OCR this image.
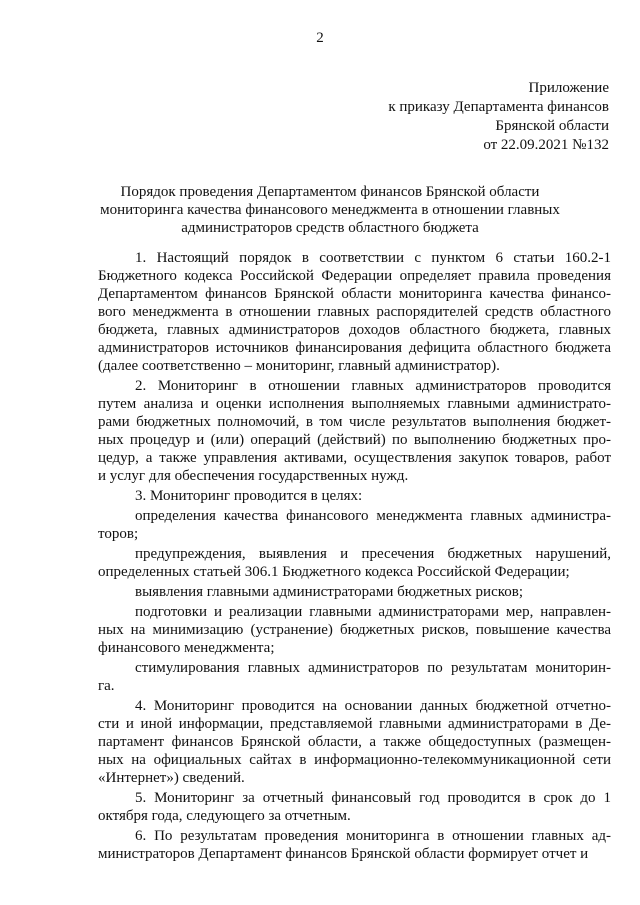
2
Приложение
к приказу Департамента финансов
Брянской области
от 22.09.2021 №132
Порядок проведения Департаментом финансов Брянской области
мониторинга качества финансового менеджмента в отношении главных
администраторов средств областного бюджета
1. Настоящий порядок в соответствии с пунктом 6 статьи 160.2-1
Бюджетного кодекса Российской Федерации определяет правила проведения
Департаментом финансов Брянской области мониторинга качества финансо-
вого менеджмента в отношении главных распорядителей средств областного
бюджета, главных администраторов доходов областного бюджета, главных
администраторов источников финансирования дефицита областного бюджета
(далее соответственно – мониторинг, главный администратор).
2. Мониторинг в отношении главных администраторов проводится
путем анализа и оценки исполнения выполняемых главными администрато-
рами бюджетных полномочий, в том числе результатов выполнения бюджет-
ных процедур и (или) операций (действий) по выполнению бюджетных про-
цедур, а также управления активами, осуществления закупок товаров, работ
и услуг для обеспечения государственных нужд.
3. Мониторинг проводится в целях:
определения качества финансового менеджмента главных администра-
торов;
предупреждения, выявления и пресечения бюджетных нарушений,
определенных статьей 306.1 Бюджетного кодекса Российской Федерации;
выявления главными администраторами бюджетных рисков;
подготовки и реализации главными администраторами мер, направлен-
ных на минимизацию (устранение) бюджетных рисков, повышение качества
финансового менеджмента;
стимулирования главных администраторов по результатам мониторин-
га.
4. Мониторинг проводится на основании данных бюджетной отчетно-
сти и иной информации, представляемой главными администраторами в Де-
партамент финансов Брянской области, а также общедоступных (размещен-
ных на официальных сайтах в информационно-телекоммуникационной сети
«Интернет») сведений.
5. Мониторинг за отчетный финансовый год проводится в срок до 1
октября года, следующего за отчетным.
6. По результатам проведения мониторинга в отношении главных ад-
министраторов Департамент финансов Брянской области формирует отчет и
